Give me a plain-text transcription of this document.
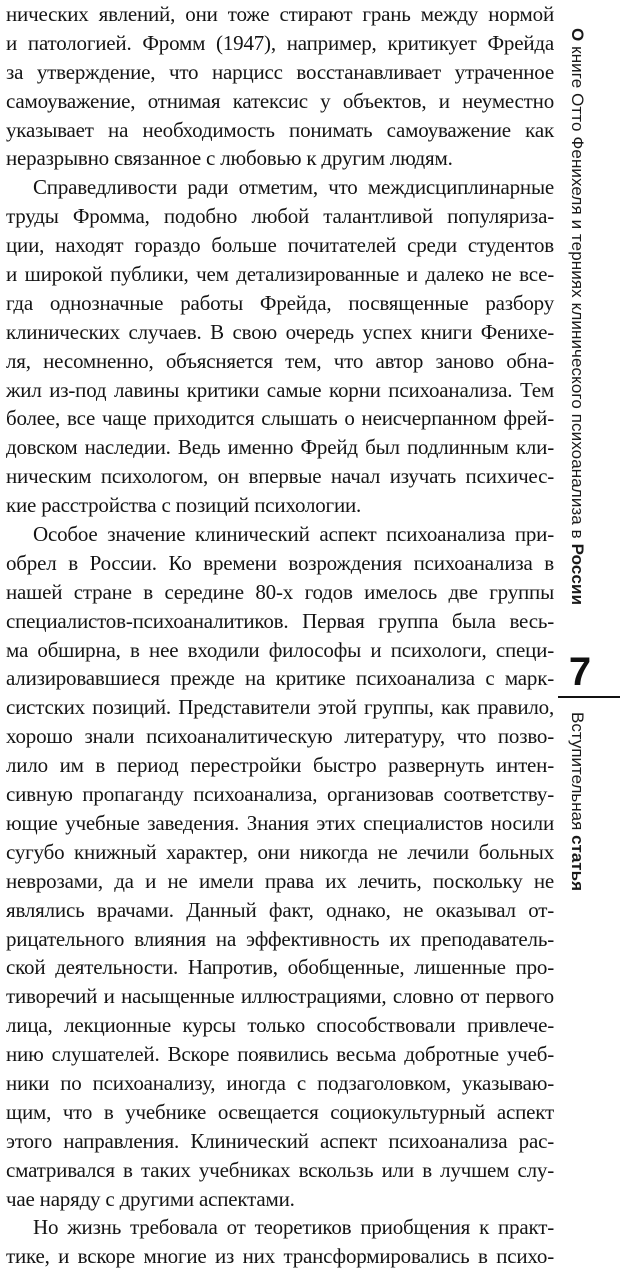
нических явлений, они тоже стирают грань между нормой
и патологией. Фромм (1947), например, критикует Фрейда
за утверждение, что нарцисс восстанавливает утраченное
самоуважение, отнимая катексис у объектов, и неуместно
указывает на необходимость понимать самоуважение как
неразрывно связанное с любовью к другим людям.
Справедливости ради отметим, что междисциплинарные
труды Фромма, подобно любой талантливой популяриза-
ции, находят гораздо больше почитателей среди студентов
и широкой публики, чем детализированные и далеко не все-
гда однозначные работы Фрейда, посвященные разбору
клинических случаев. В свою очередь успех книги Фенихе-
ля, несомненно, объясняется тем, что автор заново обна-
жил из-под лавины критики самые корни психоанализа. Тем
более, все чаще приходится слышать о неисчерпанном фрей-
довском наследии. Ведь именно Фрейд был подлинным кли-
ническим психологом, он впервые начал изучать психичес-
кие расстройства с позиций психологии.
Особое значение клинический аспект психоанализа при-
обрел в России. Ко времени возрождения психоанализа в
нашей стране в середине 80-х годов имелось две группы
специалистов-психоаналитиков. Первая группа была весь-
ма обширна, в нее входили философы и психологи, специ-
ализировавшиеся прежде на критике психоанализа с марк-
систских позиций. Представители этой группы, как правило,
хорошо знали психоаналитическую литературу, что позво-
лило им в период перестройки быстро развернуть интен-
сивную пропаганду психоанализа, организовав соответству-
ющие учебные заведения. Знания этих специалистов носили
сугубо книжный характер, они никогда не лечили больных
неврозами, да и не имели права их лечить, поскольку не
являлись врачами. Данный факт, однако, не оказывал от-
рицательного влияния на эффективность их преподаватель-
ской деятельности. Напротив, обобщенные, лишенные про-
тиворечий и насыщенные иллюстрациями, словно от первого
лица, лекционные курсы только способствовали привлече-
нию слушателей. Вскоре появились весьма добротные учеб-
ники по психоанализу, иногда с подзаголовком, указываю-
щим, что в учебнике освещается социокультурный аспект
этого направления. Клинический аспект психоанализа рас-
сматривался в таких учебниках вскользь или в лучшем слу-
чае наряду с другими аспектами.
Но жизнь требовала от теоретиков приобщения к практ-
тике, и вскоре многие из них трансформировались в психо-
О книге Отто Фенихеля и терниях клинического психоанализа в России
7
Вступительная статья
